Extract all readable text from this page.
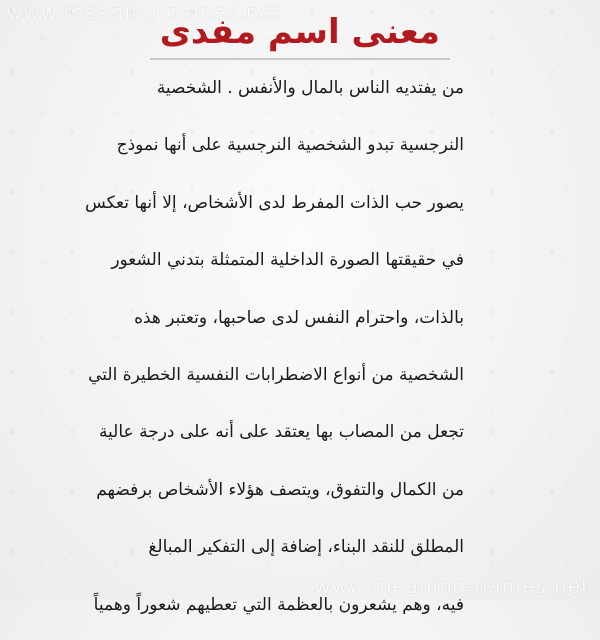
www.meaning-names.net
معنى اسم مفدى
من يفتديه الناس بالمال والأنفس . الشخصية
النرجسية تبدو الشخصية النرجسية على أنها نموذج
يصور حب الذات المفرط لدى الأشخاص، إلا أنها تعكس
في حقيقتها الصورة الداخلية المتمثلة بتدني الشعور
بالذات، واحترام النفس لدى صاحبها، وتعتبر هذه
الشخصية من أنواع الاضطرابات النفسية الخطيرة التي
تجعل من المصاب بها يعتقد على أنه على درجة عالية
من الكمال والتفوق، ويتصف هؤلاء الأشخاص برفضهم
المطلق للنقد البناء، إضافة إلى التفكير المبالغ
فيه، وهم يشعرون بالعظمة التي تعطيهم شعوراً وهمياً
www.meaning-names.net
